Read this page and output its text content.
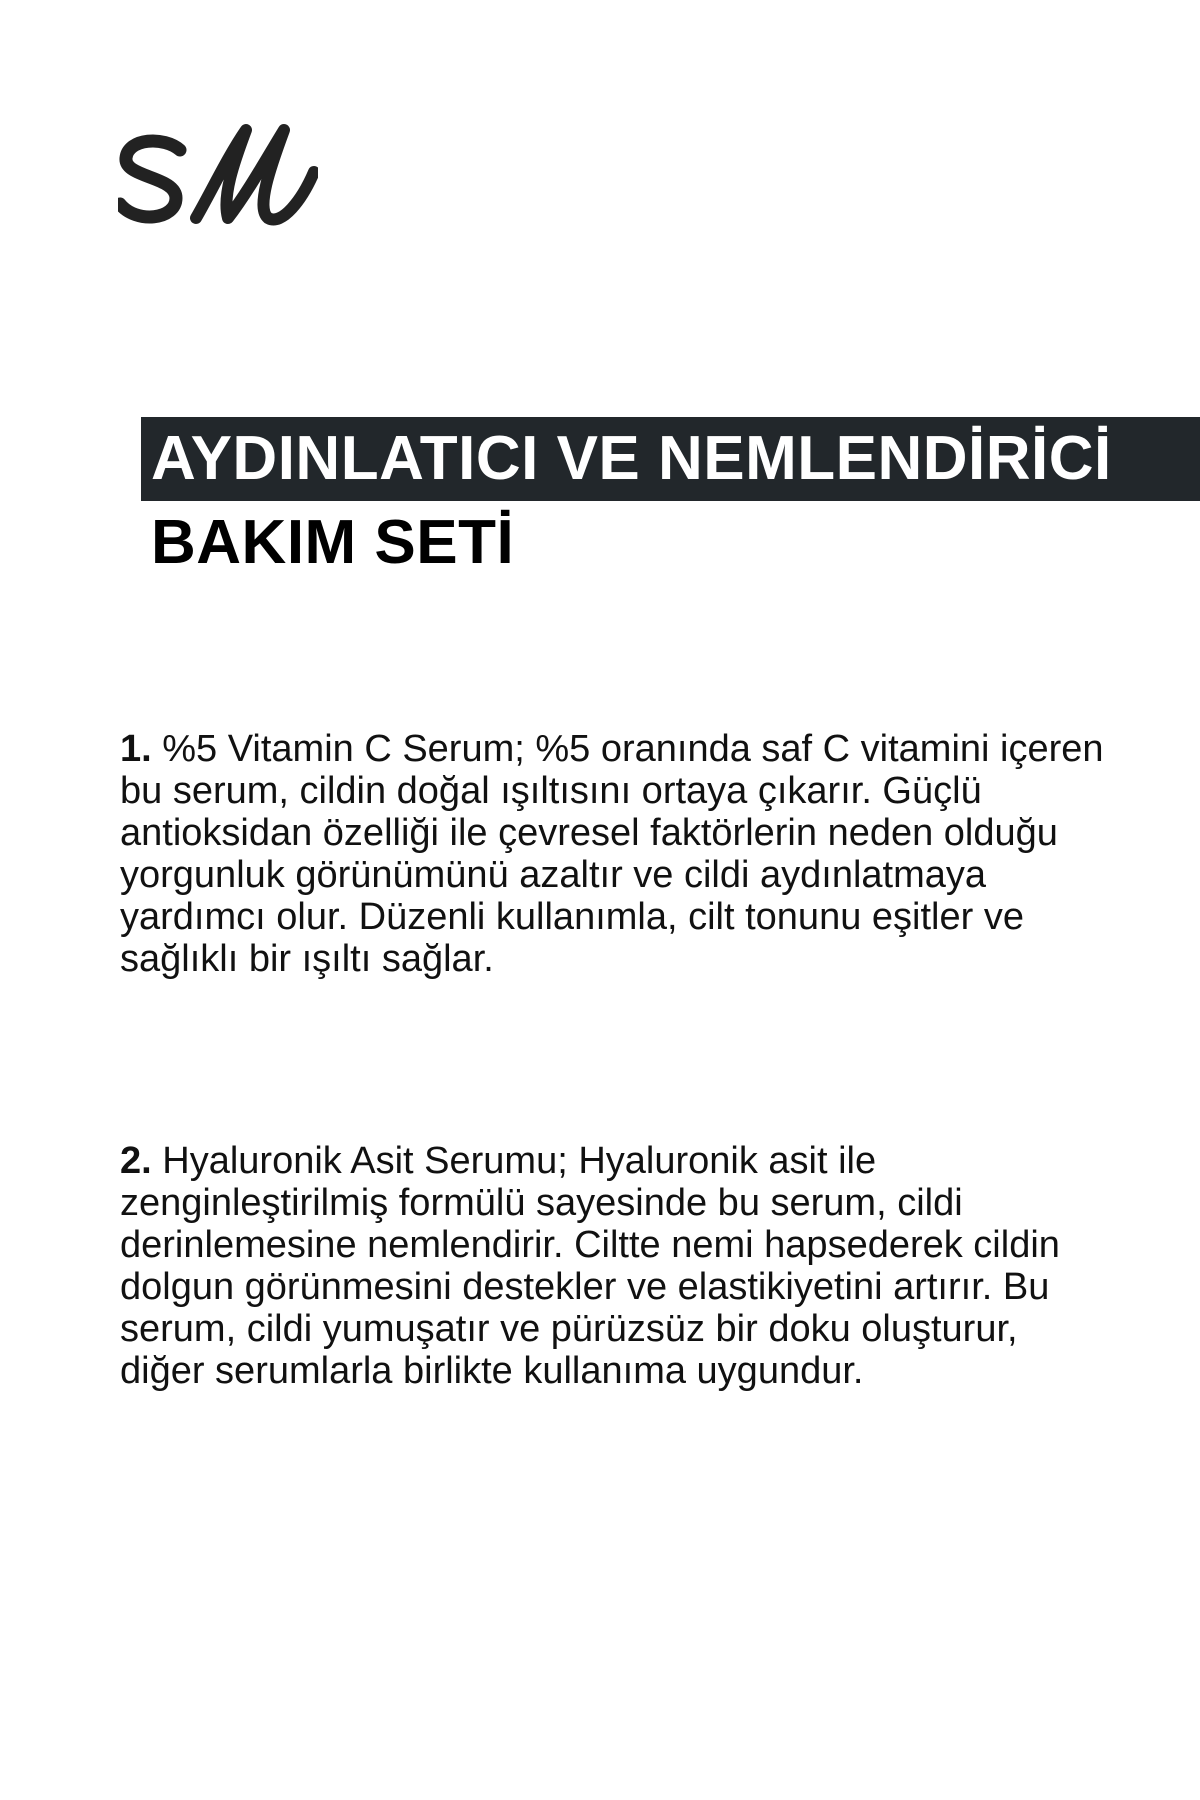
AYDINLATICI VE NEMLENDİRİCİ
BAKIM SETİ
1. %5 Vitamin C Serum; %5 oranında saf C vitamini içeren bu serum, cildin doğal ışıltısını ortaya çıkarır. Güçlü antioksidan özelliği ile çevresel faktörlerin neden olduğu yorgunluk görünümünü azaltır ve cildi aydınlatmaya yardımcı olur. Düzenli kullanımla, cilt tonunu eşitler ve sağlıklı bir ışıltı sağlar.
2. Hyaluronik Asit Serumu; Hyaluronik asit ile zenginleştirilmiş formülü sayesinde bu serum, cildi derinlemesine nemlendirir. Ciltte nemi hapsederek cildin dolgun görünmesini destekler ve elastikiyetini artırır. Bu serum, cildi yumuşatır ve pürüzsüz bir doku oluşturur, diğer serumlarla birlikte kullanıma uygundur.
